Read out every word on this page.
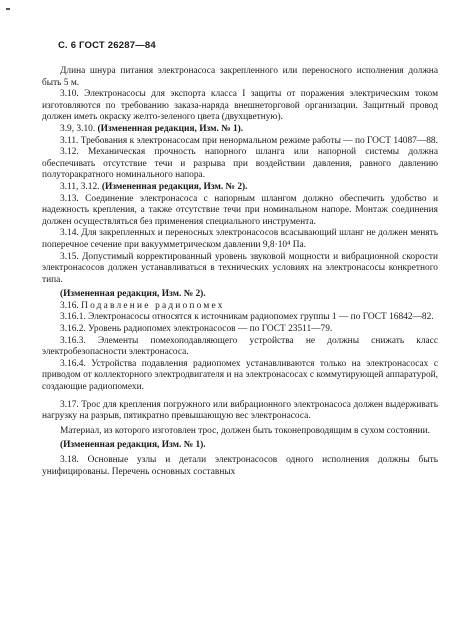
С. 6 ГОСТ 26287—84

Длина шнура питания электронасоса закрепленного или переносного исполнения должна быть 5 м.

3.10. Электронасосы для экспорта класса I защиты от поражения электрическим током изготовляются по требованию заказа-наряда внешнеторговой организации. Защитный провод должен иметь окраску желто-зеленого цвета (двухцветную).

3.9, 3.10. (Измененная редакция, Изм. № 1).

3.11. Требования к электронасосам при ненормальном режиме работы — по ГОСТ 14087—88.

3.12. Механическая прочность напорного шланга или напорной системы должна обеспечивать отсутствие течи и разрыва при воздействии давления, равного давлению полуторакратного номинального напора.

3.11, 3.12. (Измененная редакция, Изм. № 2).

3.13. Соединение электронасоса с напорным шлангом должно обеспечить удобство и надежность крепления, а также отсутствие течи при номинальном напоре. Монтаж соединения должен осуществляться без применения специального инструмента.

3.14. Для закрепленных и переносных электронасосов всасывающий шланг не должен менять поперечное сечение при вакуумметрическом давлении 9,8·10⁴ Па.

3.15. Допустимый корректированный уровень звуковой мощности и вибрационной скорости электронасосов должен устанавливаться в технических условиях на электронасосы конкретного типа.

(Измененная редакция, Изм. № 2).

3.16. Подавление радиопомех

3.16.1. Электронасосы относятся к источникам радиопомех группы 1 — по ГОСТ 16842—82.

3.16.2. Уровень радиопомех электронасосов — по ГОСТ 23511—79.

3.16.3. Элементы помехоподавляющего устройства не должны снижать класс электробезопасности электронасоса.

3.16.4. Устройства подавления радиопомех устанавливаются только на электронасосах с приводом от коллекторного электродвигателя и на электронасосах с коммутирующей аппаратурой, создающие радиопомехи.

3.17. Трос для крепления погружного или вибрационного электронасоса должен выдерживать нагрузку на разрыв, пятикратно превышающую вес электронасоса.

Материал, из которого изготовлен трос, должен быть токонепроводящим в сухом состоянии.

(Измененная редакция, Изм. № 1).

3.18. Основные узлы и детали электронасосов одного исполнения должны быть унифицированы. Перечень основных составных
